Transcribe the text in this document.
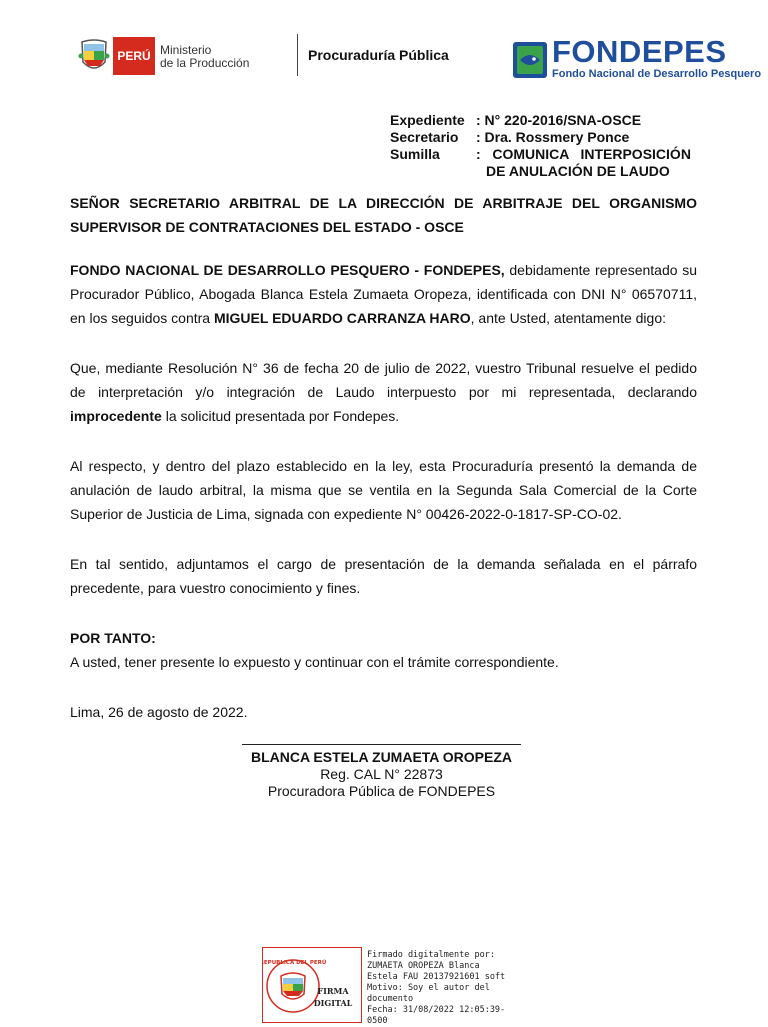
PERÚ Ministerio
de la Producción	Procuraduría Pública	FONDEPES
Fondo Nacional de Desarrollo Pesquero
Expediente : N° 220-2016/SNA-OSCE
Secretario : Dra. Rossmery Ponce
Sumilla	:   COMUNICA   INTERPOSICIÓN
DE ANULACIÓN DE LAUDO
SEÑOR SECRETARIO ARBITRAL DE LA DIRECCIÓN DE ARBITRAJE DEL ORGANISMO SUPERVISOR DE CONTRATACIONES DEL ESTADO - OSCE
FONDO NACIONAL DE DESARROLLO PESQUERO - FONDEPES, debidamente representado su Procurador Público, Abogada Blanca Estela Zumaeta Oropeza, identificada con DNI N° 06570711, en los seguidos contra MIGUEL EDUARDO CARRANZA HARO, ante Usted, atentamente digo:
Que, mediante Resolución N° 36 de fecha 20 de julio de 2022, vuestro Tribunal resuelve el pedido de interpretación y/o integración de Laudo interpuesto por mi representada, declarando improcedente la solicitud presentada por Fondepes.
Al respecto, y dentro del plazo establecido en la ley, esta Procuraduría presentó la demanda de anulación de laudo arbitral, la misma que se ventila en la Segunda Sala Comercial de la Corte Superior de Justicia de Lima, signada con expediente N° 00426-2022-0-1817-SP-CO-02.
En tal sentido, adjuntamos el cargo de presentación de la demanda señalada en el párrafo precedente, para vuestro conocimiento y fines.
POR TANTO:
A usted, tener presente lo expuesto y continuar con el trámite correspondiente.
Lima, 26 de agosto de 2022.
BLANCA ESTELA ZUMAETA OROPEZA
Reg. CAL N° 22873
Procuradora Pública de FONDEPES
REPUBLICA DEL PERÚ
FIRMA
DIGITAL
Firmado digitalmente por:
ZUMAETA OROPEZA Blanca
Estela FAU 20137921601 soft
Motivo: Soy el autor del
documento
Fecha: 31/08/2022 12:05:39-0500
